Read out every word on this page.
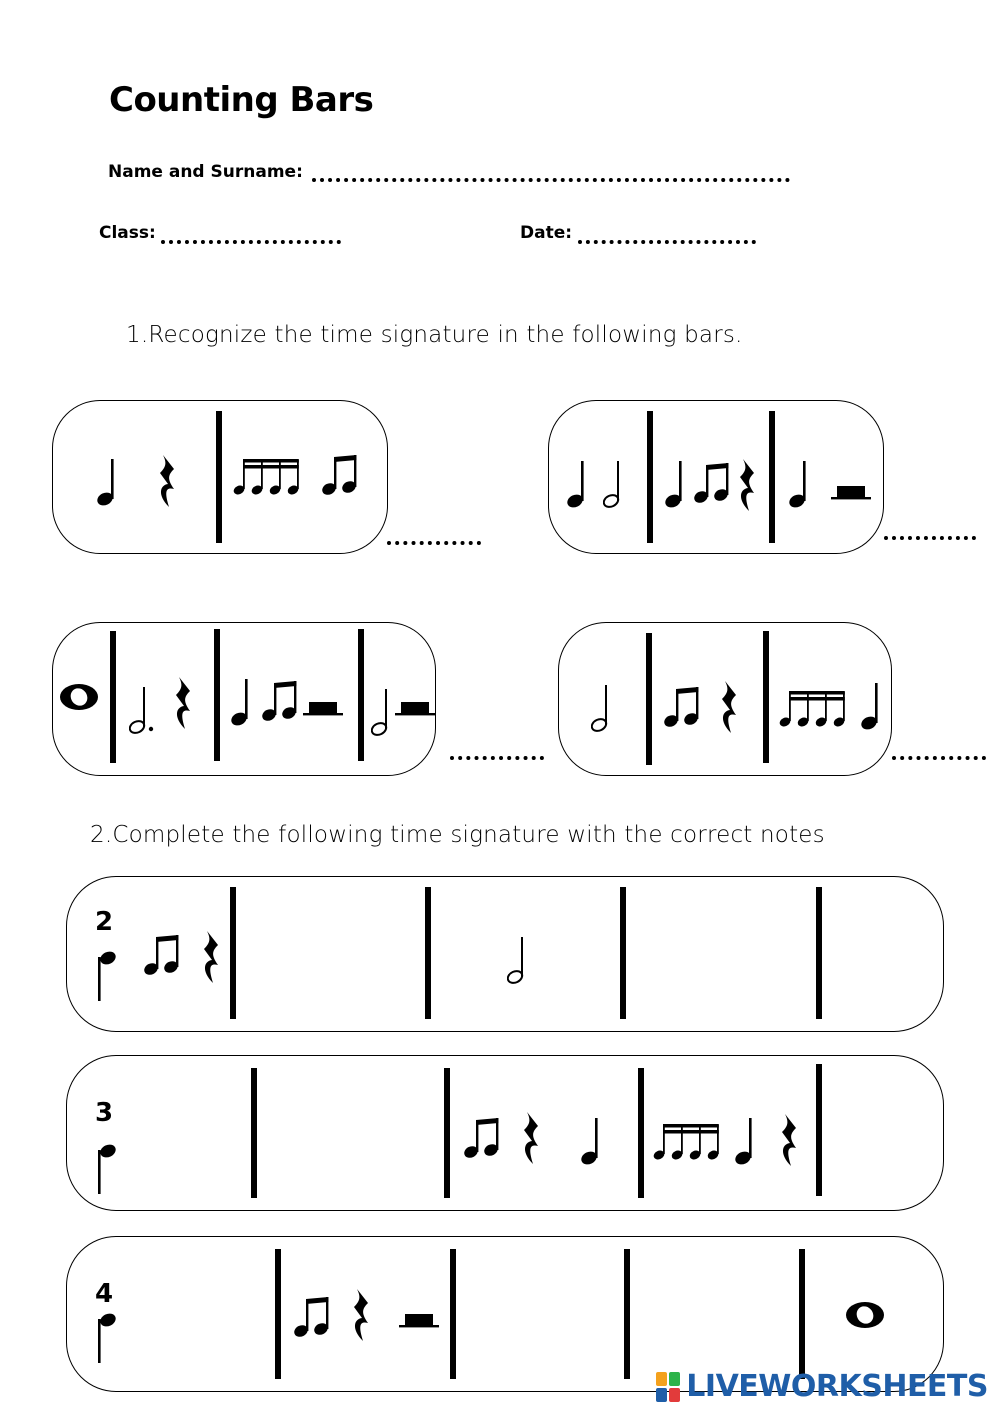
Counting Bars
Name and Surname:
Class:	Date:
1.Recognize the time signature in the following bars.
2.Complete the following time signature with the correct notes
2
3
4
LIVEWORKSHEETS
